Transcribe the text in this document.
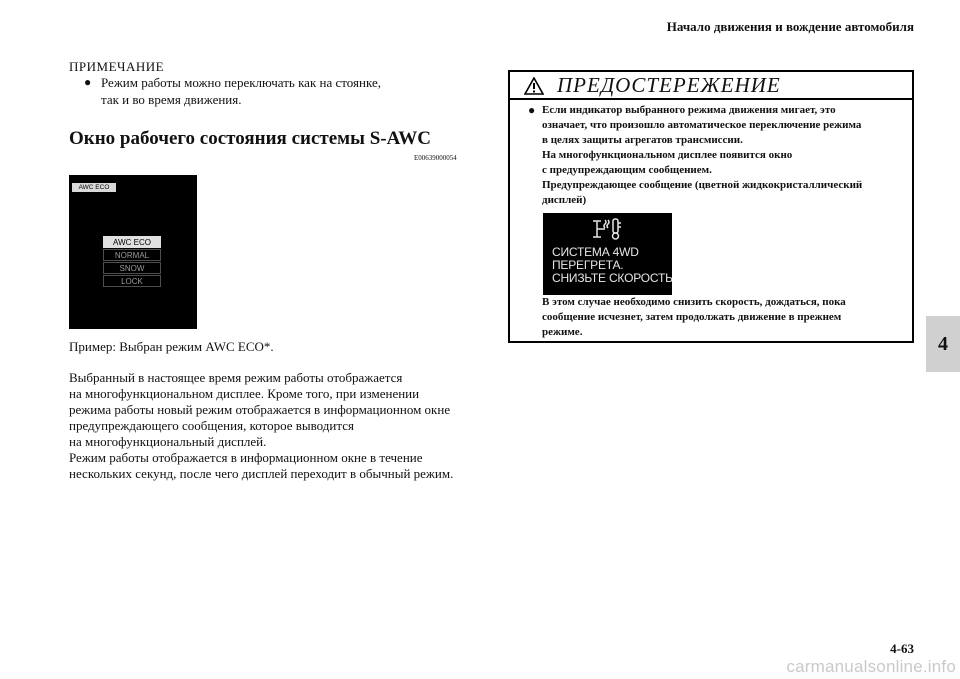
Начало движения и вождение автомобиля
4
ПРИМЕЧАНИЕ
● Режим работы можно переключать как на стоянке,
так и во время движения.
Окно рабочего состояния системы S-AWC
E00639000054
AWC ECO
AWC ECO
NORMAL
SNOW
LOCK
Пример: Выбран режим AWC ECO*.
Выбранный в настоящее время режим работы отображается
на многофункциональном дисплее. Кроме того, при изменении
режима работы новый режим отображается в информационном окне
предупреждающего сообщения, которое выводится
на многофункциональный дисплей.
Режим работы отображается в информационном окне в течение
нескольких секунд, после чего дисплей переходит в обычный режим.
ПРЕДОСТЕРЕЖЕНИЕ
● Если индикатор выбранного режима движения мигает, это
означает, что произошло автоматическое переключение режима
в целях защиты агрегатов трансмиссии.
На многофункциональном дисплее появится окно
с предупреждающим сообщением.
Предупреждающее сообщение (цветной жидкокристаллический
дисплей)
СИСТЕМА 4WD
ПЕРЕГРЕТА.
СНИЗЬТЕ СКОРОСТЬ
В этом случае необходимо снизить скорость, дождаться, пока
сообщение исчезнет, затем продолжать движение в прежнем
режиме.
4-63
carmanualsonline.info
